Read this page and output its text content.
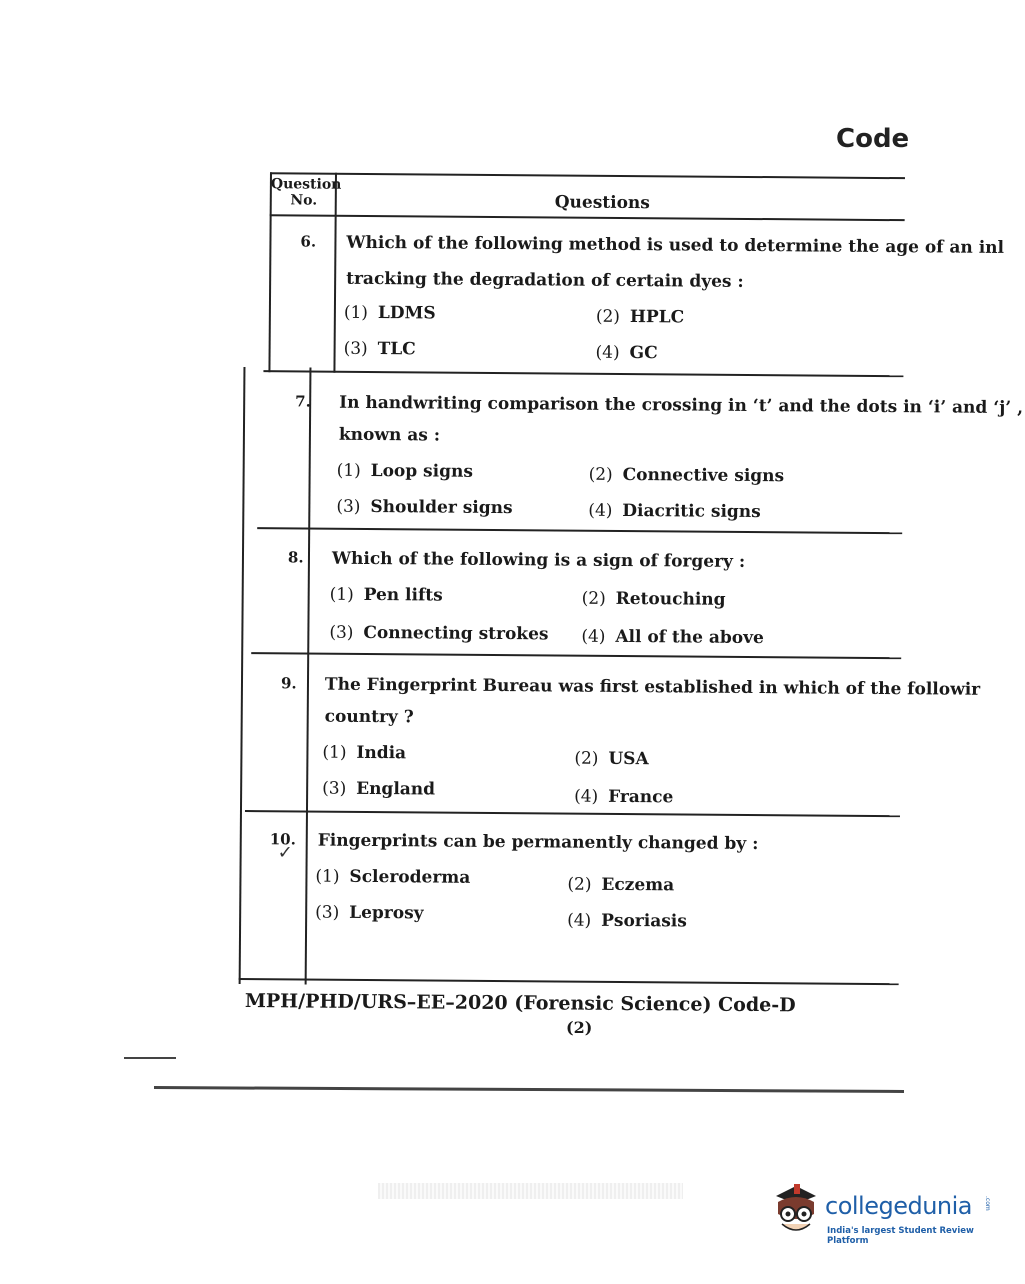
Code
Question
No.	Questions
6. Which of the following method is used to determine the age of an inl
tracking the degradation of certain dyes :
(1) LDMS	(2) HPLC
(3) TLC	(4) GC
7. In handwriting comparison the crossing in ‘t’ and the dots in ‘i’ and ‘j’ ,
known as :
(1) Loop signs	(2) Connective signs
(3) Shoulder signs	(4) Diacritic signs
8. Which of the following is a sign of forgery :
(1) Pen lifts	(2) Retouching
(3) Connecting strokes (4) All of the above
9. The Fingerprint Bureau was first established in which of the followir
country ?
(1) India	(2) USA
(3) England	(4) France
10.
✓ Fingerprints can be permanently changed by :
(1) Scleroderma	(2) Eczema
(3) Leprosy	(4) Psoriasis
MPH/PHD/URS–EE–2020 (Forensic Science) Code-D
(2)
collegedunia .com
India's largest Student Review Platform
